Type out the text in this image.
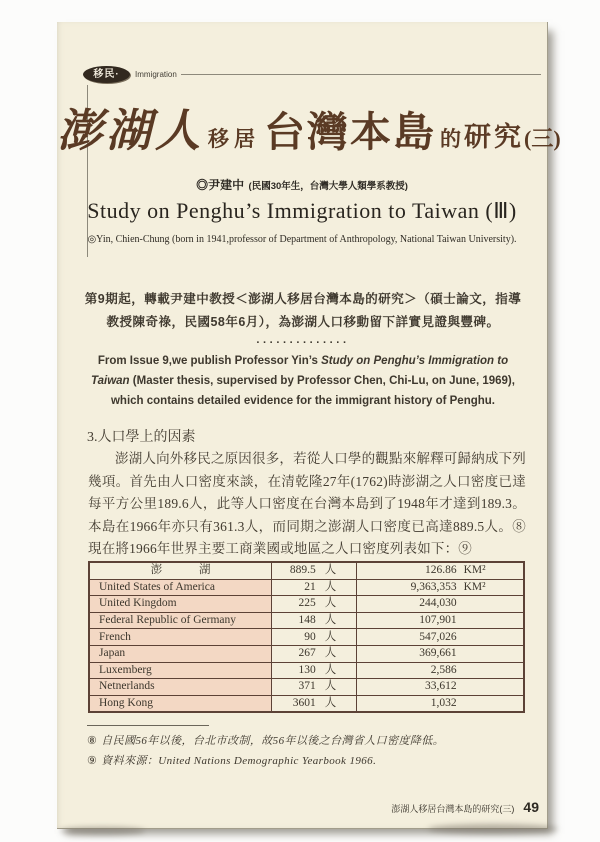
移民·	Immigration
澎湖人 移居台灣本島 的 研究(三)
◎尹建中 (民國30年生，台灣大學人類學系教授)
Study on Penghu’s Immigration to Taiwan (Ⅲ)
◎Yin, Chien-Chung (born in 1941,professor of Department of Anthropology, National Taiwan University).
第9期起，轉載尹建中教授＜澎湖人移居台灣本島的研究＞（碩士論文，指導教授陳奇祿，民國58年6月），為澎湖人口移動留下詳實見證與豐碑。
··············
From Issue 9,we publish Professor Yin’s Study on Penghu’s Immigration to Taiwan (Master thesis, supervised by Professor Chen, Chi-Lu, on June, 1969), which contains detailed evidence for the immigrant history of Penghu.
3.人口學上的因素
澎湖人向外移民之原因很多，若從人口學的觀點來解釋可歸納成下列幾項。首先由人口密度來談，在清乾隆27年(1762)時澎湖之人口密度已達每平方公里189.6人，此等人口密度在台灣本島到了1948年才達到189.3。本島在1966年亦只有361.3人，而同期之澎湖人口密度已高達889.5人。⑧現在將1966年世界主要工商業國或地區之人口密度列表如下：⑨
澎湖	889.5 人	126.86 KM²
United States of America	21 人	9,363,353 KM²
United Kingdom	225 人	244,030
Federal Republic of Germany	148 人	107,901
French	90 人	547,026
Japan	267 人	369,661
Luxemberg	130 人	2,586
Netnerlands	371 人	33,612
Hong Kong	3601 人	1,032
⑧ 自民國56年以後，台北市改制，故56年以後之台灣省人口密度降低。
⑨ 資料來源：United Nations Demographic Yearbook 1966.
澎湖人移居台灣本島的研究(三) 49
